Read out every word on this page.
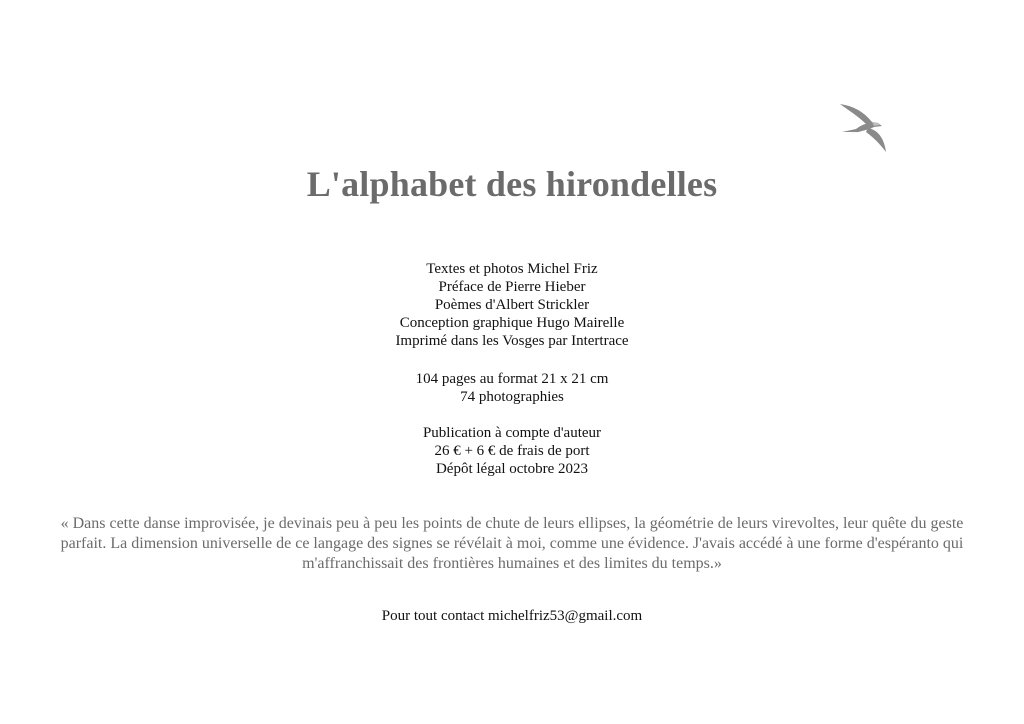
L'alphabet des hirondelles
Textes et photos Michel Friz
Préface de Pierre Hieber
Poèmes d'Albert Strickler
Conception graphique Hugo Mairelle
Imprimé dans les Vosges par Intertrace
104 pages au format 21 x 21 cm
74 photographies
Publication à compte d'auteur
26 € + 6 € de frais de port
Dépôt légal octobre 2023
« Dans cette danse improvisée, je devinais peu à peu les points de chute de leurs ellipses, la géométrie de leurs virevoltes, leur quête du geste parfait. La dimension universelle de ce langage des signes se révélait à moi, comme une évidence. J'avais accédé à une forme d'espéranto qui m'affranchissait des frontières humaines et des limites du temps.»
Pour tout contact michelfriz53@gmail.com
